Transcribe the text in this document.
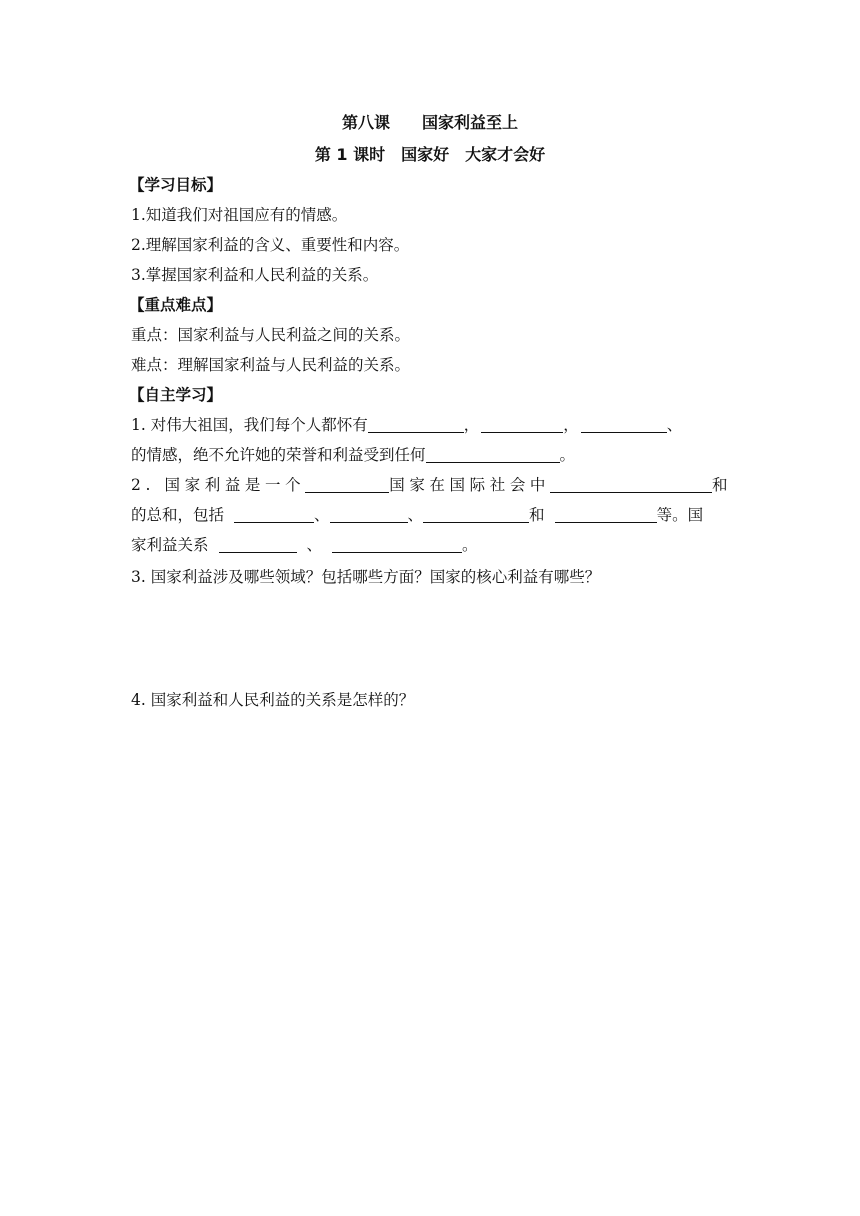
第八课　　国家利益至上
第 1 课时　国家好　大家才会好
【学习目标】
1.知道我们对祖国应有的情感。
2.理解国家利益的含义、重要性和内容。
3.掌握国家利益和人民利益的关系。
【重点难点】
重点：国家利益与人民利益之间的关系。
难点：理解国家利益与人民利益的关系。
【自主学习】
1. 对伟大祖国，我们每个人都怀有	，	，	、
的情感，绝不允许她的荣誉和利益受到任何	。
2. 国家利益是一个	国家在国际社会中	和
的总和，包括	、	、	和	等。国
家利益关系	、	。
3. 国家利益涉及哪些领域？包括哪些方面？国家的核心利益有哪些？
4. 国家利益和人民利益的关系是怎样的？
